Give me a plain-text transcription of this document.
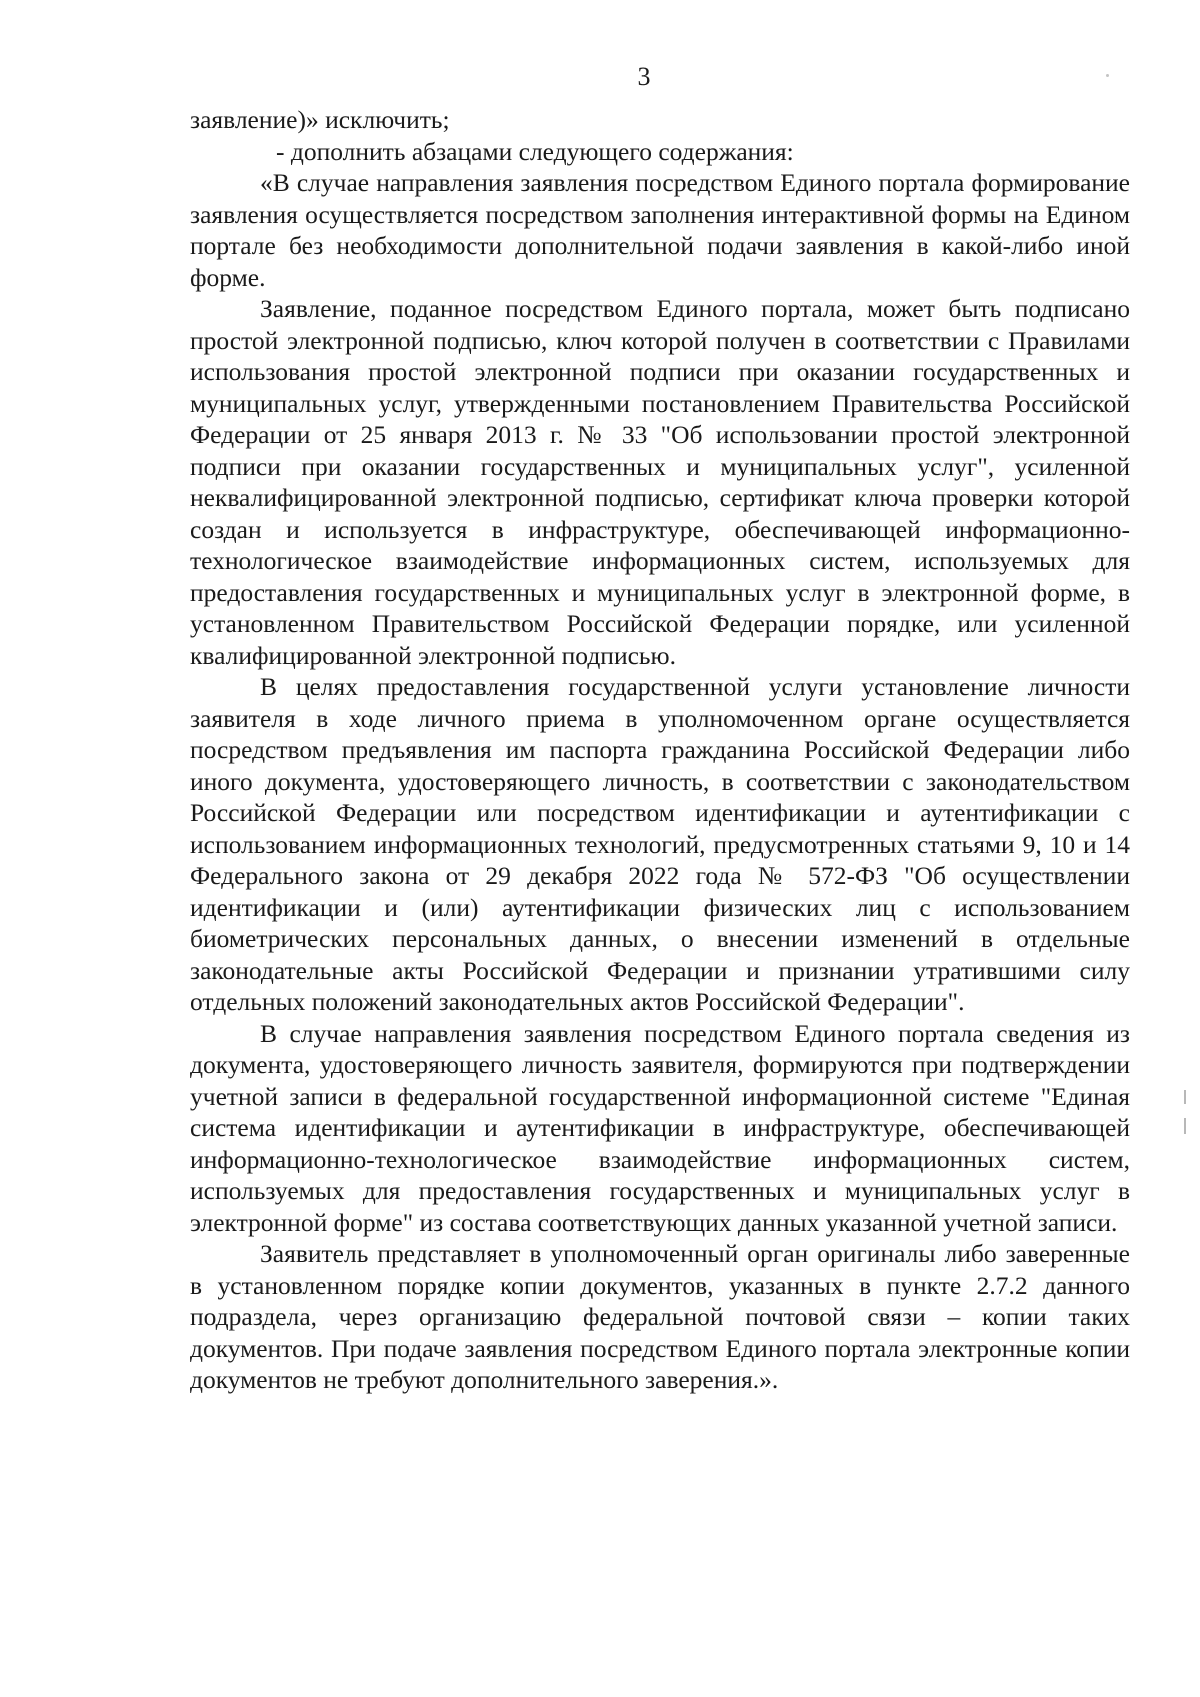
3

заявление)» исключить;

- дополнить абзацами следующего содержания:

«В случае направления заявления посредством Единого портала формирование заявления осуществляется посредством заполнения интерактивной формы на Едином портале без необходимости дополнительной подачи заявления в какой-либо иной форме.

Заявление, поданное посредством Единого портала, может быть подписано простой электронной подписью, ключ которой получен в соответствии с Правилами использования простой электронной подписи при оказании государственных и муниципальных услуг, утвержденными постановлением Правительства Российской Федерации от 25 января 2013 г. № 33 "Об использовании простой электронной подписи при оказании государственных и муниципальных услуг", усиленной неквалифицированной электронной подписью, сертификат ключа проверки которой создан и используется в инфраструктуре, обеспечивающей информационно-технологическое взаимодействие информационных систем, используемых для предоставления государственных и муниципальных услуг в электронной форме, в установленном Правительством Российской Федерации порядке, или усиленной квалифицированной электронной подписью.

В целях предоставления государственной услуги установление личности заявителя в ходе личного приема в уполномоченном органе осуществляется посредством предъявления им паспорта гражданина Российской Федерации либо иного документа, удостоверяющего личность, в соответствии с законодательством Российской Федерации или посредством идентификации и аутентификации с использованием информационных технологий, предусмотренных статьями 9, 10 и 14 Федерального закона от 29 декабря 2022 года № 572-ФЗ "Об осуществлении идентификации и (или) аутентификации физических лиц с использованием биометрических персональных данных, о внесении изменений в отдельные законодательные акты Российской Федерации и признании утратившими силу отдельных положений законодательных актов Российской Федерации".

В случае направления заявления посредством Единого портала сведения из документа, удостоверяющего личность заявителя, формируются при подтверждении учетной записи в федеральной государственной информационной системе "Единая система идентификации и аутентификации в инфраструктуре, обеспечивающей информационно-технологическое взаимодействие информационных систем, используемых для предоставления государственных и муниципальных услуг в электронной форме" из состава соответствующих данных указанной учетной записи.

Заявитель представляет в уполномоченный орган оригиналы либо заверенные в установленном порядке копии документов, указанных в пункте 2.7.2 данного подраздела, через организацию федеральной почтовой связи – копии таких документов. При подаче заявления посредством Единого портала электронные копии документов не требуют дополнительного заверения.».
